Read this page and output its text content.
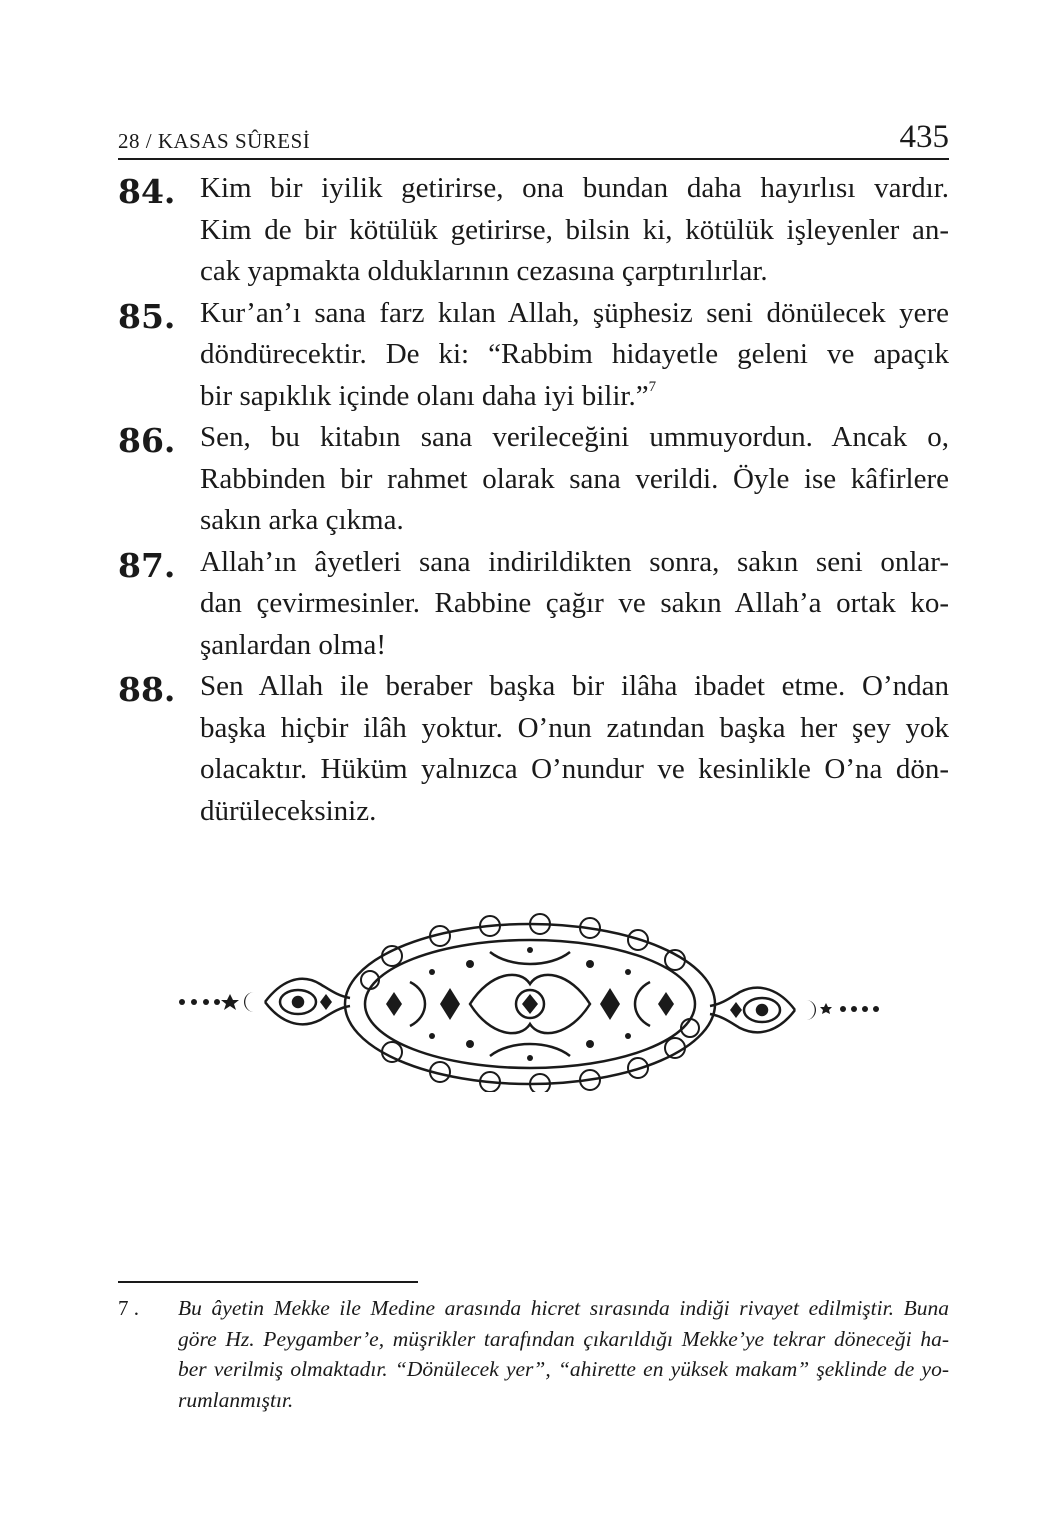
28 / KASAS SÛRESİ	435
84. Kim bir iyilik getirirse, ona bundan daha hayırlısı vardır.
Kim de bir kötülük getirirse, bilsin ki, kötülük işleyenler an-
cak yapmakta olduklarının cezasına çarptırılırlar.
85. Kur’an’ı sana farz kılan Allah, şüphesiz seni dönülecek yere
döndürecektir. De ki: “Rabbim hidayetle geleni ve apaçık
bir sapıklık içinde olanı daha iyi bilir.”$^7$
86. Sen, bu kitabın sana verileceğini ummuyordun. Ancak o,
Rabbinden bir rahmet olarak sana verildi. Öyle ise kâfirlere
sakın arka çıkma.
87. Allah’ın âyetleri sana indirildikten sonra, sakın seni onlar-
dan çevirmesinler. Rabbine çağır ve sakın Allah’a ortak ko-
şanlardan olma!
88. Sen Allah ile beraber başka bir ilâha ibadet etme. O’ndan
başka hiçbir ilâh yoktur. O’nun zatından başka her şey yok
olacaktır. Hüküm yalnızca O’nundur ve kesinlikle O’na dön-
dürüleceksiniz.
7 .	Bu âyetin Mekke ile Medine arasında hicret sırasında indiği rivayet edilmiştir. Buna
göre Hz. Peygamber’e, müşrikler tarafından çıkarıldığı Mekke’ye tekrar döneceği ha-
ber verilmiş olmaktadır. “Dönülecek yer”, “ahirette en yüksek makam” şeklinde de yo-
rumlanmıştır.
